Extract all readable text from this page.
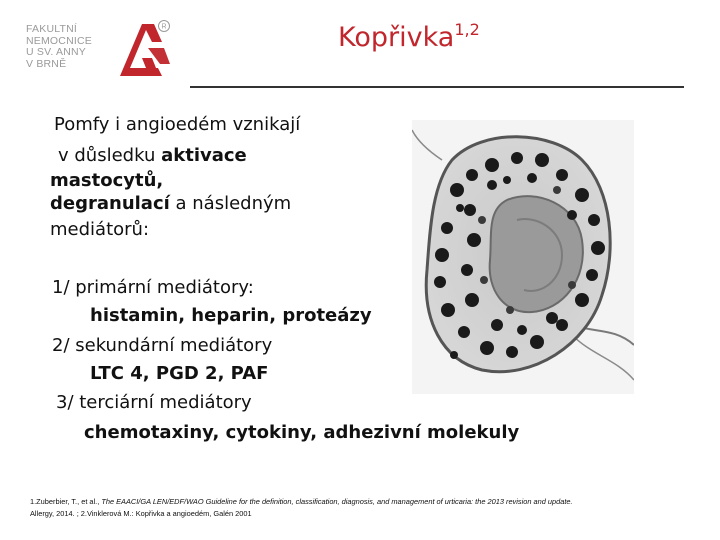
FAKULTNÍ
NEMOCNICE
U SV. ANNY
V BRNĚ
R	Kopřivka$^{1,2}$
Pomfy i angioedém vznikají
v důsledku aktivace
mastocytů,
degranulací a následným
mediátorů:
1/ primární mediátory:
histamin, heparin, proteázy
2/ sekundární mediátory
LTC 4, PGD 2, PAF
3/ terciární mediátory
chemotaxiny, cytokiny, adhezivní molekuly
1.Zuberbier, T., et al., The EAACI/GA LEN/EDF/WAO Guideline for the definition, classification, diagnosis, and management of urticaria: the 2013 revision and update.
Allergy, 2014. ; 2.Vinklerová M.: Kopřivka a angioedém, Galén 2001
